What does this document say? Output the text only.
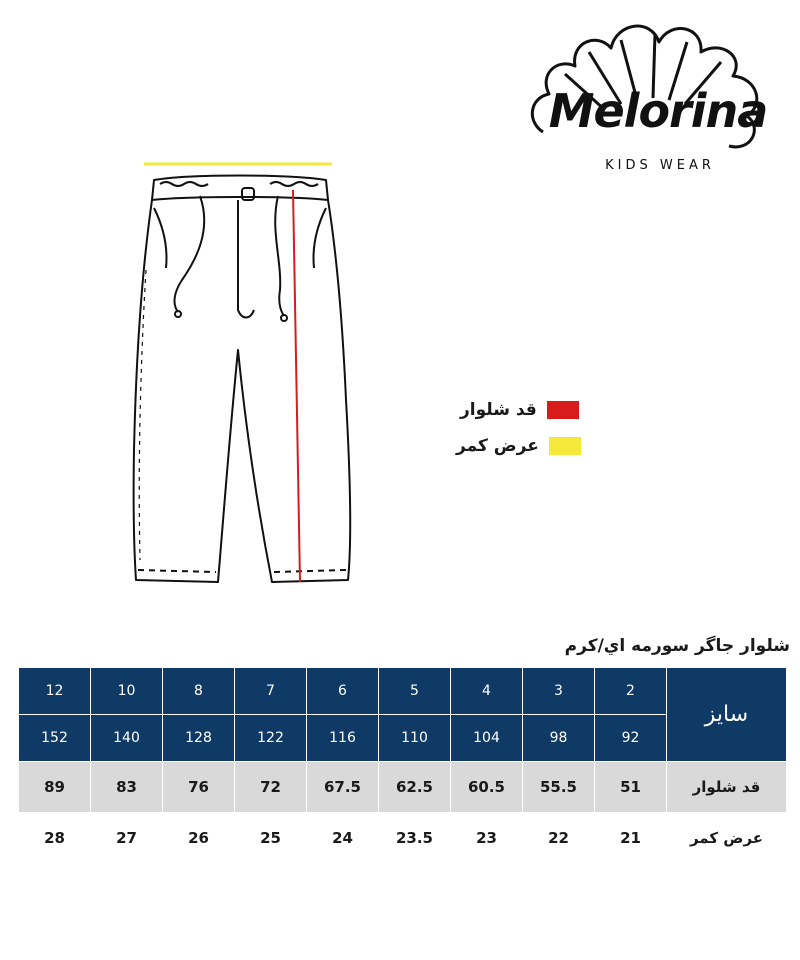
Melorina
KIDS WEAR
قد شلوار
عرض کمر
شلوار جاگر سورمه اي/کرم
12	10	8	7	6	5	4	3	2	سایز
152	140	128	122	116	110	104	98	92	
89	83	76	72	67.5	62.5	60.5	55.5	51	قد شلوار
28	27	26	25	24	23.5	23	22	21	عرض کمر
